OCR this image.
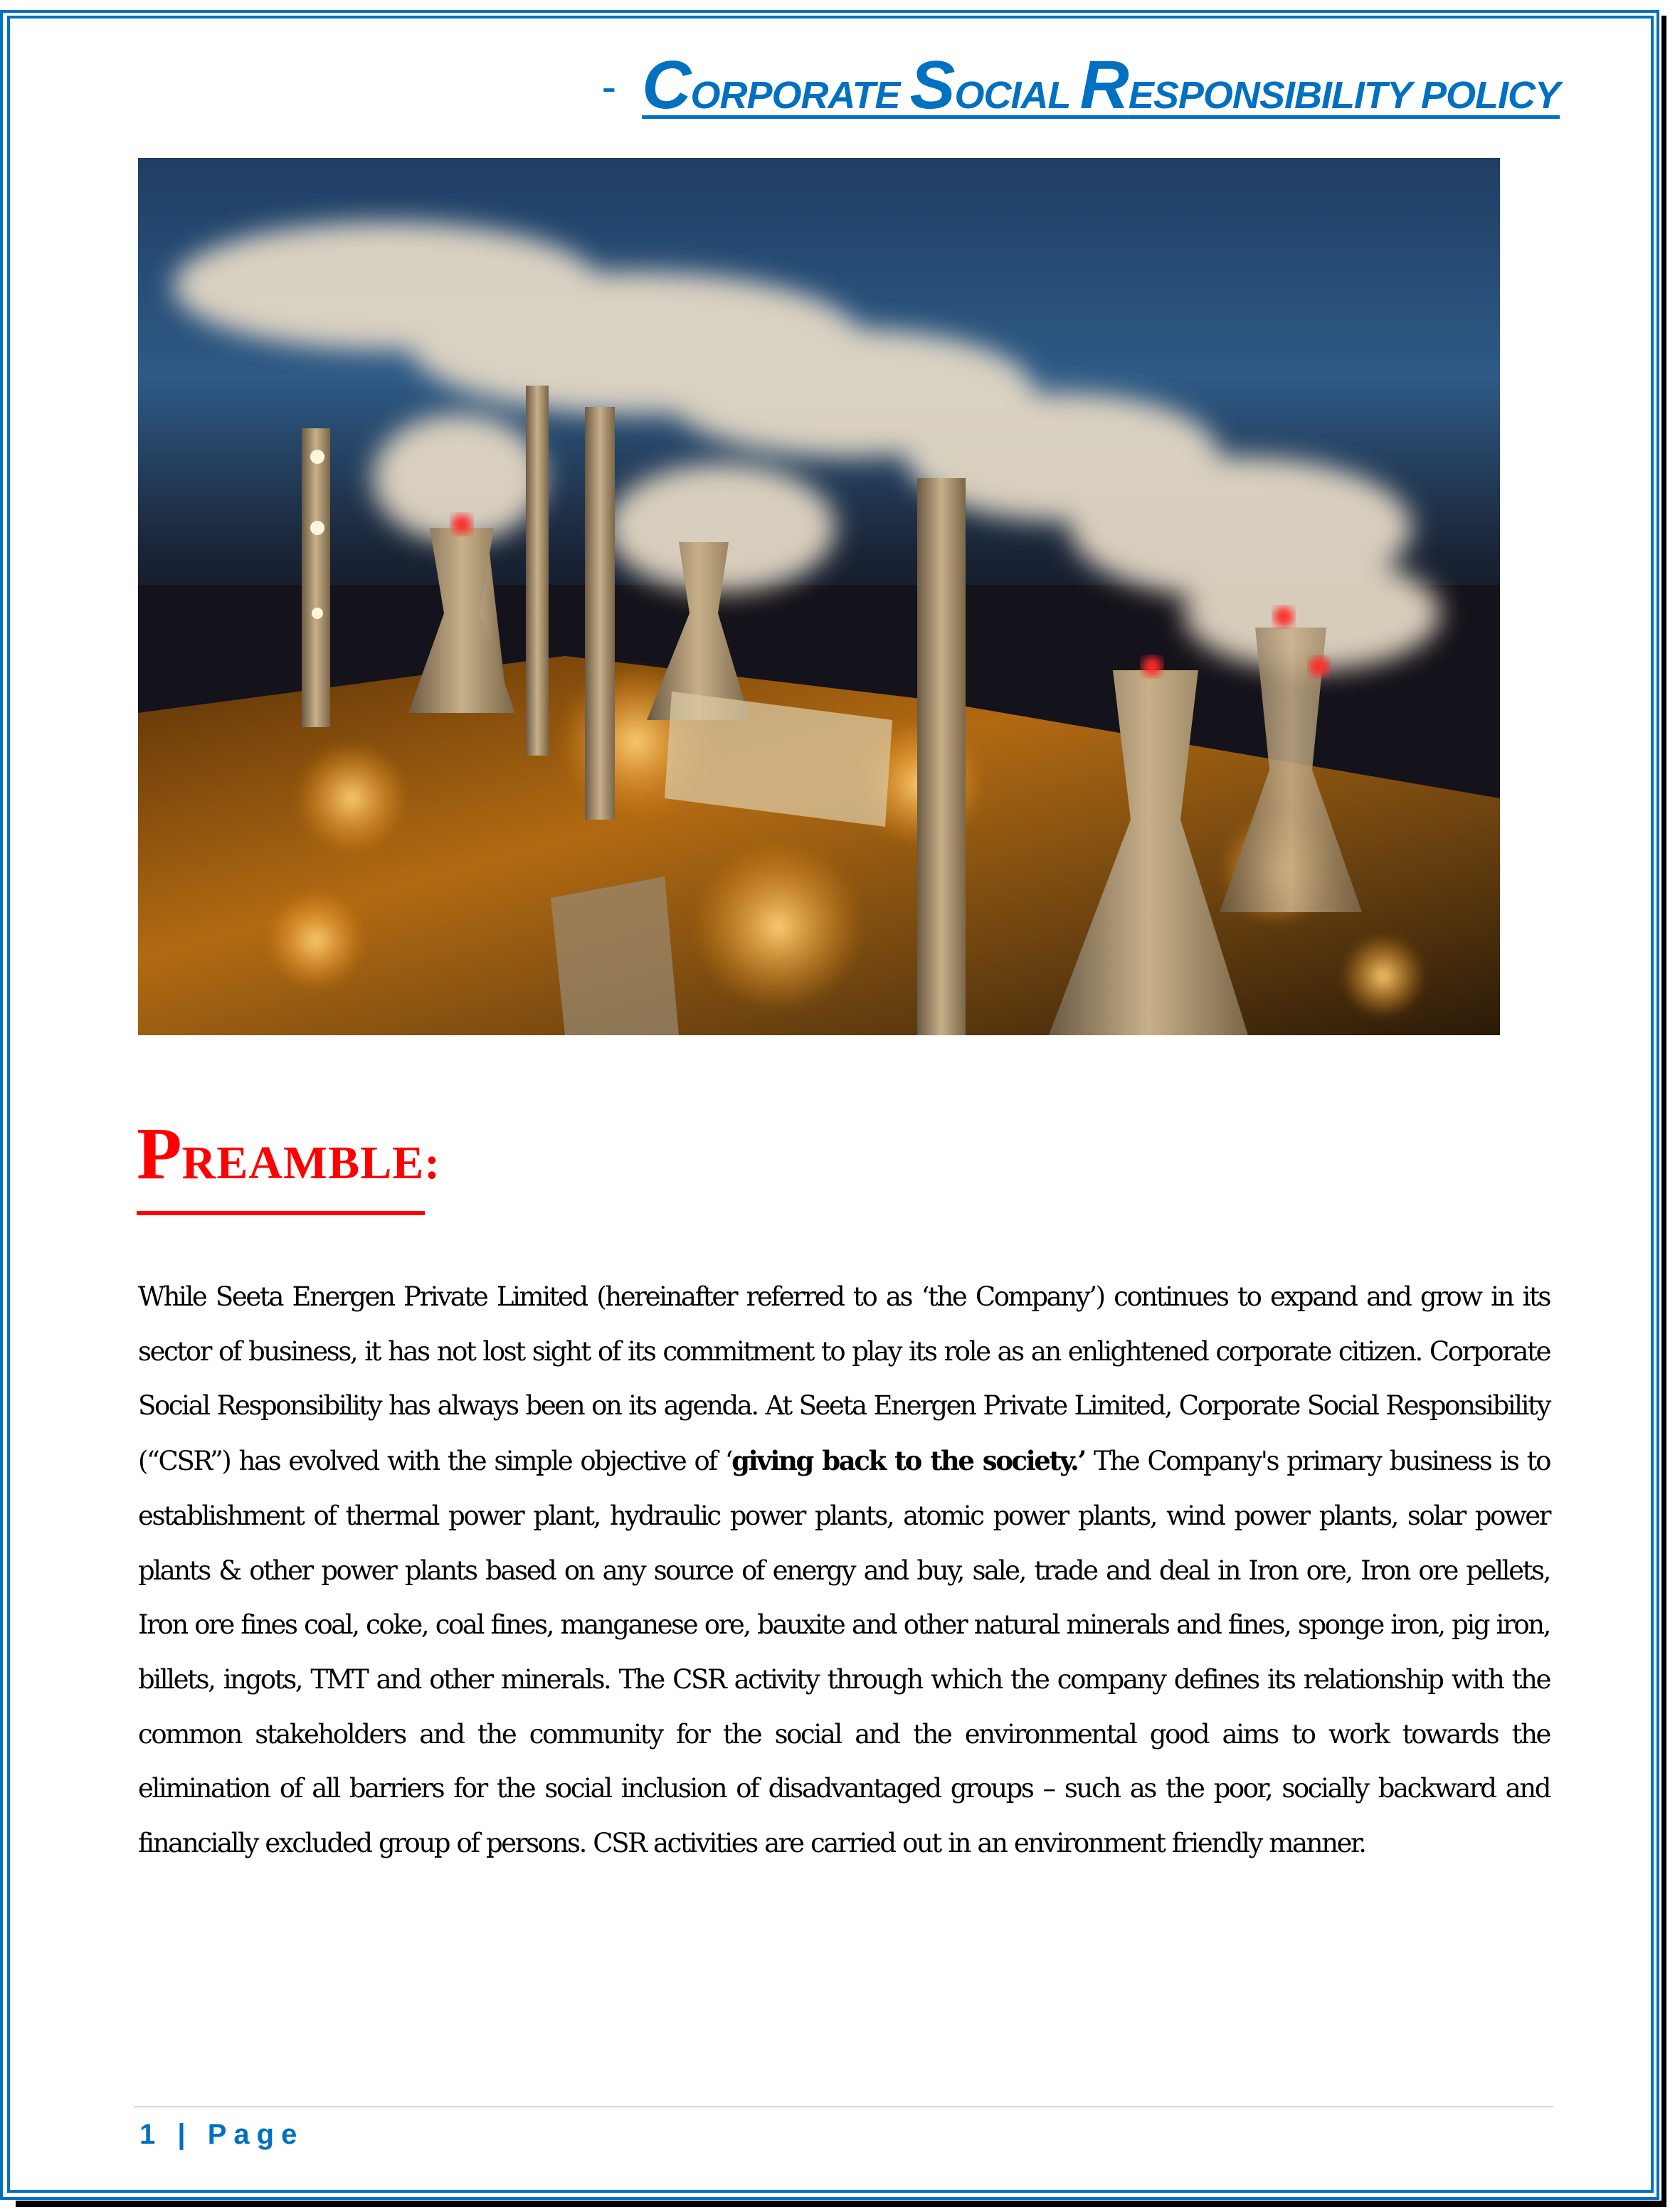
- CORPORATE SOCIAL RESPONSIBILITY POLICY
PREAMBLE:
While Seeta Energen Private Limited (hereinafter referred to as ‘the Company’) continues to expand and grow in its sector of business, it has not lost sight of its commitment to play its role as an enlightened corporate citizen. Corporate Social Responsibility has always been on its agenda. At Seeta Energen Private Limited, Corporate Social Responsibility (“CSR”) has evolved with the simple objective of ‘giving back to the society.’ The Company's primary business is to establishment of thermal power plant, hydraulic power plants, atomic power plants, wind power plants, solar power plants & other power plants based on any source of energy and buy, sale, trade and deal in Iron ore, Iron ore pellets, Iron ore fines coal, coke, coal fines, manganese ore, bauxite and other natural minerals and fines, sponge iron, pig iron, billets, ingots, TMT and other minerals. The CSR activity through which the company defines its relationship with the common stakeholders and the community for the social and the environmental good aims to work towards the elimination of all barriers for the social inclusion of disadvantaged groups – such as the poor, socially backward and financially excluded group of persons. CSR activities are carried out in an environment friendly manner.
1 | Page
